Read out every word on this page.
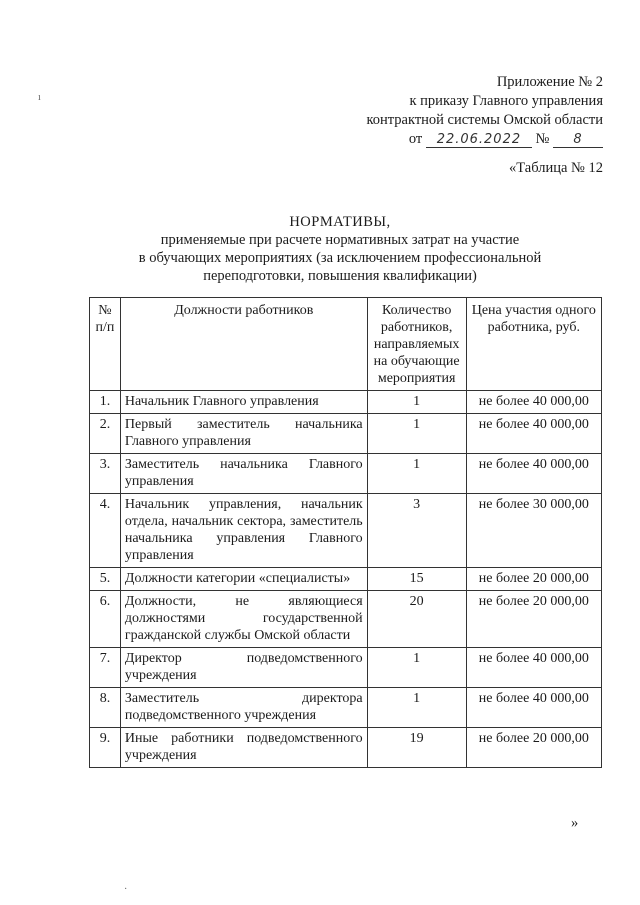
ı
Приложение № 2
к приказу Главного управления
контрактной системы Омской области
от 22.06.2022 № 8
«Таблица № 12
НОРМАТИВЫ,
применяемые при расчете нормативных затрат на участие
в обучающих мероприятиях (за исключением профессиональной
переподготовки, повышения квалификации)
№ п/п	Должности работников	Количество работников, направляемых на обучающие мероприятия	Цена участия одного работника, руб.
1.	Начальник Главного управления	1	не более 40 000,00
2.	Первый заместитель начальника Главного управления	1	не более 40 000,00
3.	Заместитель начальника Главного управления	1	не более 40 000,00
4.	Начальник управления, начальник отдела, начальник сектора, заместитель начальника управления Главного управления	3	не более 30 000,00
5.	Должности категории «специалисты»	15	не более 20 000,00
6.	Должности, не являющиеся должностями государственной гражданской службы Омской области	20	не более 20 000,00
7.	Директор подведомственного учреждения	1	не более 40 000,00
8.	Заместитель директора подведомственного учреждения	1	не более 40 000,00
9.	Иные работники подведомственного учреждения	19	не более 20 000,00
»
·
